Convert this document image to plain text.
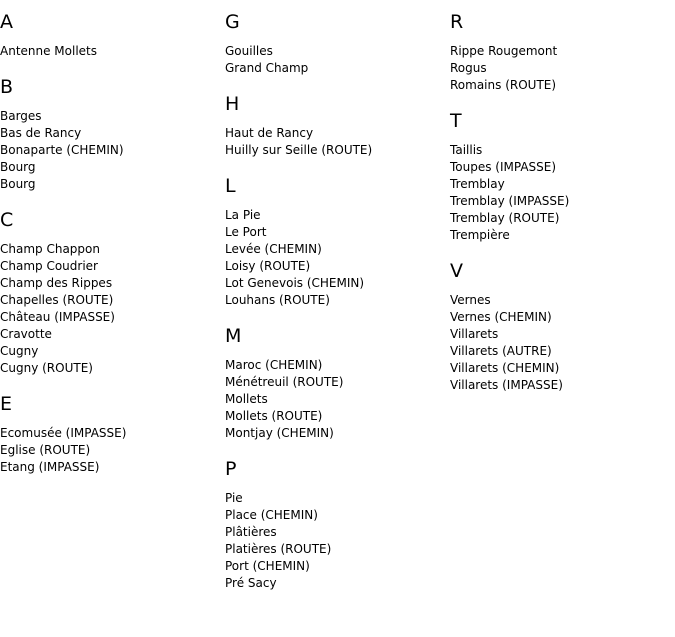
A
Antenne Mollets
B
Barges
Bas de Rancy
Bonaparte (CHEMIN)
Bourg
Bourg
C
Champ Chappon
Champ Coudrier
Champ des Rippes
Chapelles (ROUTE)
Château (IMPASSE)
Cravotte
Cugny
Cugny (ROUTE)
E
Ecomusée (IMPASSE)
Eglise (ROUTE)
Etang (IMPASSE)
G
Gouilles
Grand Champ
H
Haut de Rancy
Huilly sur Seille (ROUTE)
L
La Pie
Le Port
Levée (CHEMIN)
Loisy (ROUTE)
Lot Genevois (CHEMIN)
Louhans (ROUTE)
M
Maroc (CHEMIN)
Ménétreuil (ROUTE)
Mollets
Mollets (ROUTE)
Montjay (CHEMIN)
P
Pie
Place (CHEMIN)
Plâtières
Platières (ROUTE)
Port (CHEMIN)
Pré Sacy
R
Rippe Rougemont
Rogus
Romains (ROUTE)
T
Taillis
Toupes (IMPASSE)
Tremblay
Tremblay (IMPASSE)
Tremblay (ROUTE)
Trempière
V
Vernes
Vernes (CHEMIN)
Villarets
Villarets (AUTRE)
Villarets (CHEMIN)
Villarets (IMPASSE)
